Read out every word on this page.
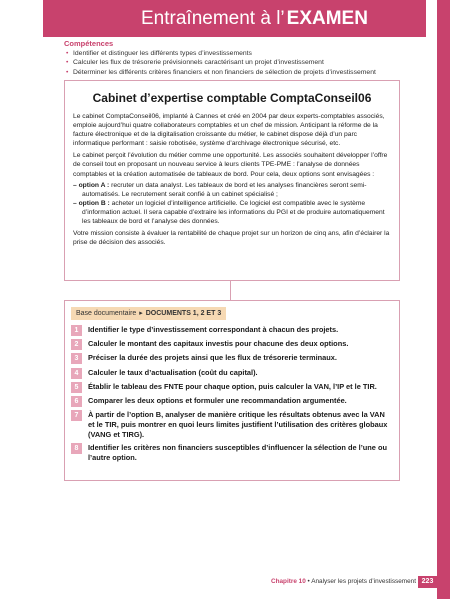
Entraînement à l’ EXAMEN
Compétences
• Identifier et distinguer les différents types d’investissements
• Calculer les flux de trésorerie prévisionnels caractérisant un projet d’investissement
• Déterminer les différents critères financiers et non financiers de sélection de projets d’investissement
Cabinet d’expertise comptable ComptaConseil06

Le cabinet ComptaConseil06, implanté à Cannes et créé en 2004 par deux experts-comptables associés, emploie aujourd’hui quatre collaborateurs comptables et un chef de mission. Anticipant la réforme de la facture électronique et de la digitalisation croissante du métier, le cabinet dispose déjà d’un parc informatique performant : saisie robotisée, système d’archivage électronique sécurisé, etc.

Le cabinet perçoit l’évolution du métier comme une opportunité. Les associés souhaitent développer l’offre de conseil tout en proposant un nouveau service à leurs clients TPE-PME : l’analyse de données comptables et la création automatisée de tableaux de bord. Pour cela, deux options sont envisagées :

– option A : recruter un data analyst. Les tableaux de bord et les analyses financières seront semi-automatisés. Le recrutement serait confié à un cabinet spécialisé ;

– option B : acheter un logiciel d’intelligence artificielle. Ce logiciel est compatible avec le système d’information actuel. Il sera capable d’extraire les informations du PGI et de produire automatiquement les tableaux de bord et l’analyse des données.

Votre mission consiste à évaluer la rentabilité de chaque projet sur un horizon de cinq ans, afin d’éclairer la prise de décision des associés.

Base documentaire ▸ DOCUMENTS 1, 2 ET 3
1	Identifier le type d’investissement correspondant à chacun des projets.
2	Calculer le montant des capitaux investis pour chacune des deux options.
3	Préciser la durée des projets ainsi que les flux de trésorerie terminaux.
4	Calculer le taux d’actualisation (coût du capital).
5	Établir le tableau des FNTE pour chaque option, puis calculer la VAN, l’IP et le TIR.
6	Comparer les deux options et formuler une recommandation argumentée.
7	À partir de l’option B, analyser de manière critique les résultats obtenus avec la VAN et le TIR, puis montrer en quoi leurs limites justifient l’utilisation des critères globaux (VANG et TIRG).
8	Identifier les critères non financiers susceptibles d’influencer la sélection de l’une ou l’autre option.
Chapitre 10 • Analyser les projets d’investissement 223
